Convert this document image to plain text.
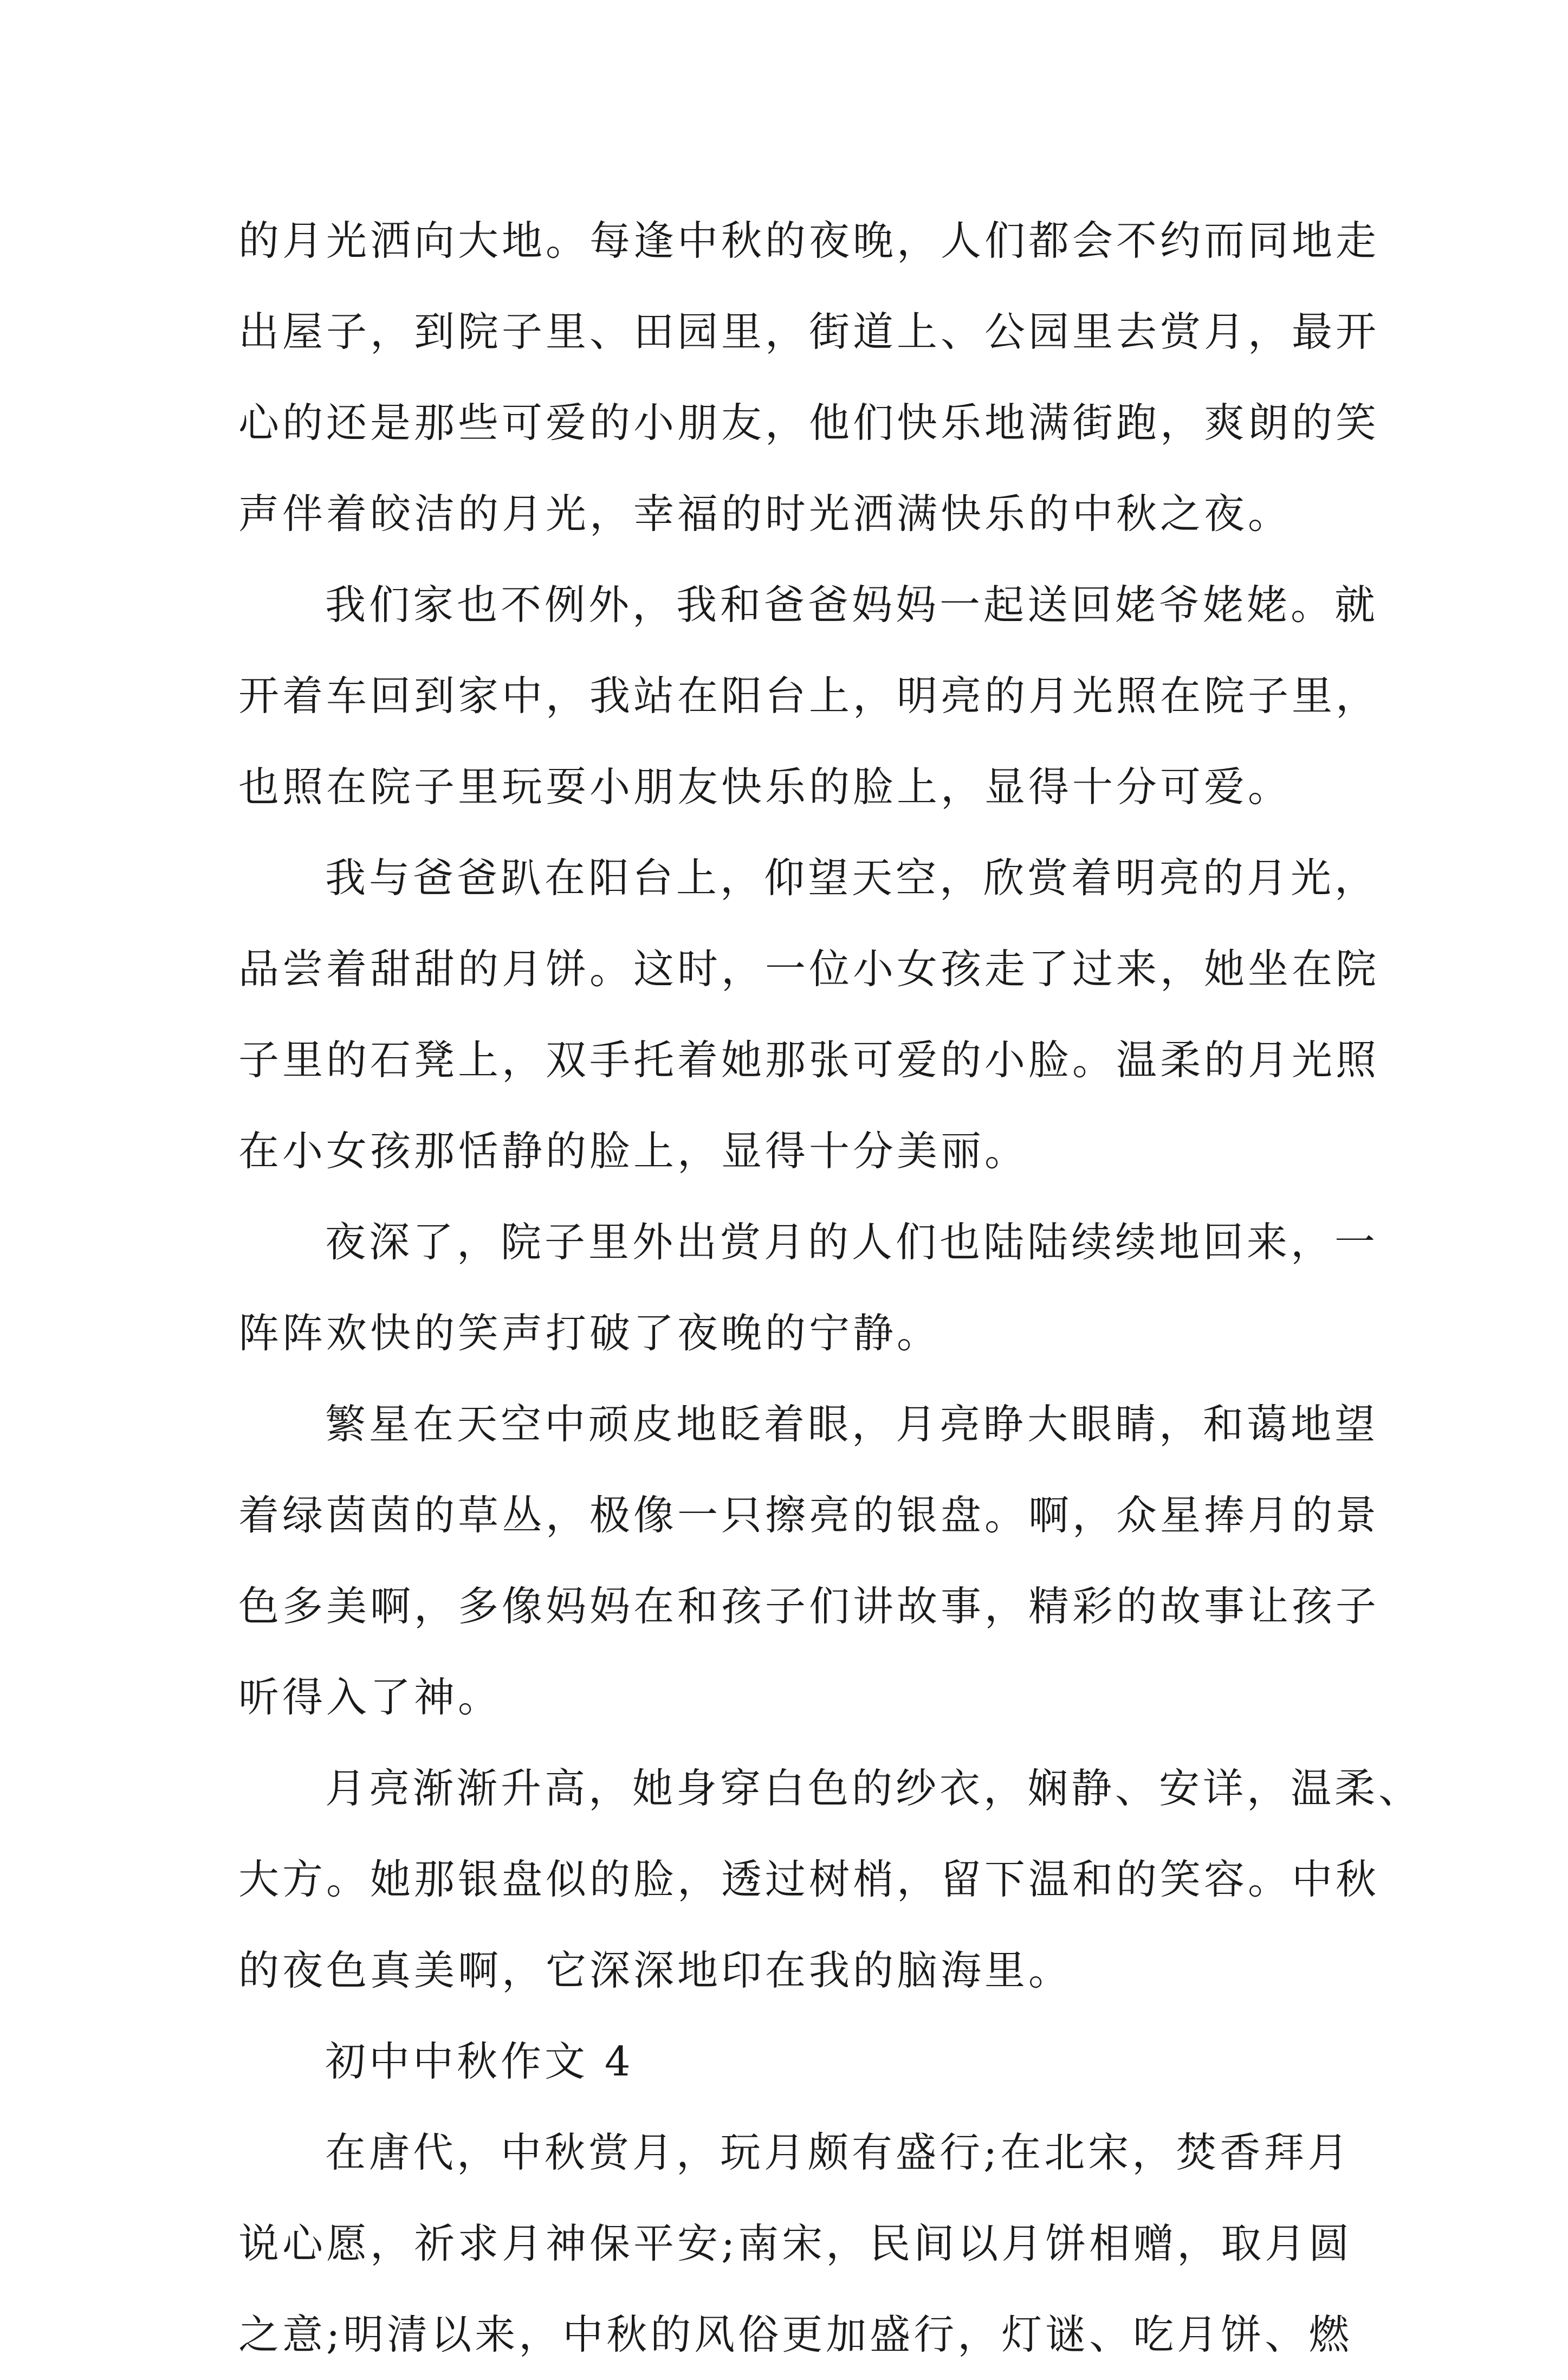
的月光洒向大地。每逢中秋的夜晚，人们都会不约而同地走
出屋子，到院子里、田园里，街道上、公园里去赏月，最开
心的还是那些可爱的小朋友，他们快乐地满街跑，爽朗的笑
声伴着皎洁的月光，幸福的时光洒满快乐的中秋之夜。
我们家也不例外，我和爸爸妈妈一起送回姥爷姥姥。就
开着车回到家中，我站在阳台上，明亮的月光照在院子里，
也照在院子里玩耍小朋友快乐的脸上，显得十分可爱。
我与爸爸趴在阳台上，仰望天空，欣赏着明亮的月光，
品尝着甜甜的月饼。这时，一位小女孩走了过来，她坐在院
子里的石凳上，双手托着她那张可爱的小脸。温柔的月光照
在小女孩那恬静的脸上，显得十分美丽。
夜深了，院子里外出赏月的人们也陆陆续续地回来，一
阵阵欢快的笑声打破了夜晚的宁静。
繁星在天空中顽皮地眨着眼，月亮睁大眼睛，和蔼地望
着绿茵茵的草丛，极像一只擦亮的银盘。啊，众星捧月的景
色多美啊，多像妈妈在和孩子们讲故事，精彩的故事让孩子
听得入了神。
月亮渐渐升高，她身穿白色的纱衣，娴静、安详，温柔、
大方。她那银盘似的脸，透过树梢，留下温和的笑容。中秋
的夜色真美啊，它深深地印在我的脑海里。
初中中秋作文 4
在唐代，中秋赏月，玩月颇有盛行;在北宋，焚香拜月
说心愿，祈求月神保平安;南宋，民间以月饼相赠，取月圆
之意;明清以来，中秋的风俗更加盛行，灯谜、吃月饼、燃
